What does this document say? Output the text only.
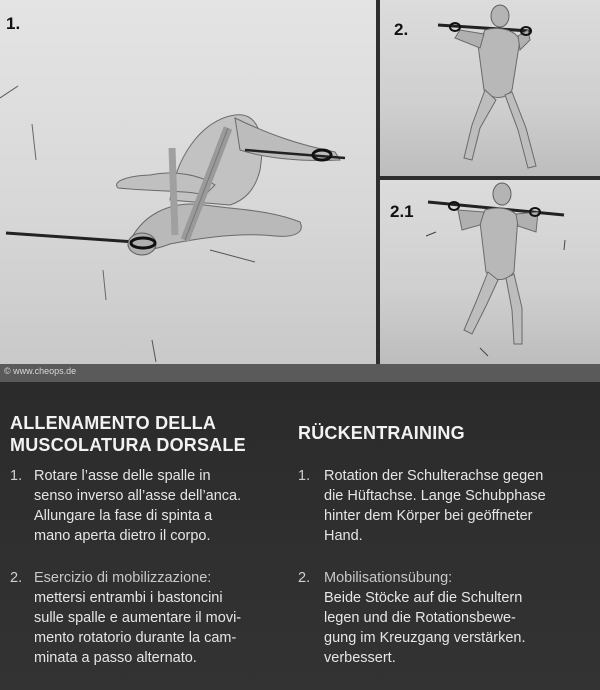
1.	2.
2.1
© www.cheops.de
ALLENAMENTO DELLA
MUSCOLATURA DORSALE
1. Rotare l’asse delle spalle in
senso inverso all’asse dell’anca.
Allungare la fase di spinta a
mano aperta dietro il corpo.
2. Esercizio di mobilizzazione:
mettersi entrambi i bastoncini
sulle spalle e aumentare il movi-
mento rotatorio durante la cam-
minata a passo alternato.
RÜCKENTRAINING
1. Rotation der Schulterachse gegen
die Hüftachse. Lange Schubphase
hinter dem Körper bei geöffneter
Hand.
2. Mobilisationsübung:
Beide Stöcke auf die Schultern
legen und die Rotationsbewe-
gung im Kreuzgang verstärken.
verbessert.
